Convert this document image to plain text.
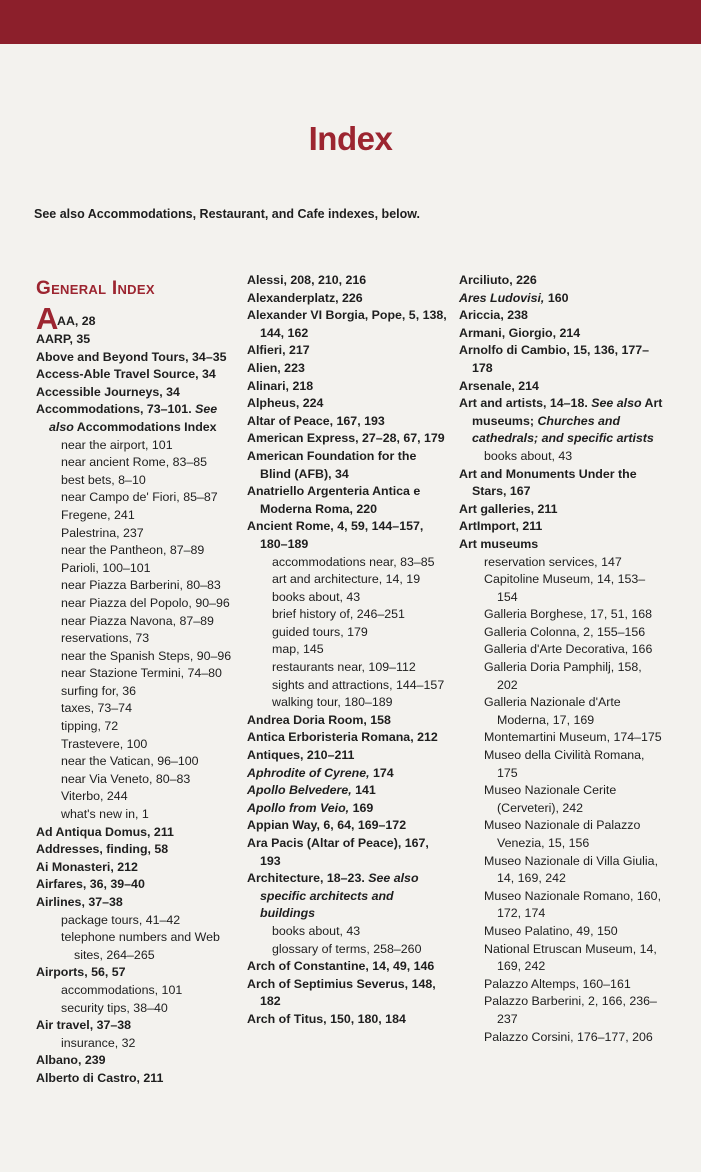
Index
See also Accommodations, Restaurant, and Cafe indexes, below.
General Index
A
AA, 28
AARP, 35
Above and Beyond Tours, 34–35
Access-Able Travel Source, 34
Accessible Journeys, 34
Accommodations, 73–101. See also Accommodations Index
near the airport, 101
near ancient Rome, 83–85
best bets, 8–10
near Campo de' Fiori, 85–87
Fregene, 241
Palestrina, 237
near the Pantheon, 87–89
Parioli, 100–101
near Piazza Barberini, 80–83
near Piazza del Popolo, 90–96
near Piazza Navona, 87–89
reservations, 73
near the Spanish Steps, 90–96
near Stazione Termini, 74–80
surfing for, 36
taxes, 73–74
tipping, 72
Trastevere, 100
near the Vatican, 96–100
near Via Veneto, 80–83
Viterbo, 244
what's new in, 1
Ad Antiqua Domus, 211
Addresses, finding, 58
Ai Monasteri, 212
Airfares, 36, 39–40
Airlines, 37–38
package tours, 41–42
telephone numbers and Web sites, 264–265
Airports, 56, 57
accommodations, 101
security tips, 38–40
Air travel, 37–38
insurance, 32
Albano, 239
Alberto di Castro, 211
Alessi, 208, 210, 216
Alexanderplatz, 226
Alexander VI Borgia, Pope, 5, 138, 144, 162
Alfieri, 217
Alien, 223
Alinari, 218
Alpheus, 224
Altar of Peace, 167, 193
American Express, 27–28, 67, 179
American Foundation for the Blind (AFB), 34
Anatriello Argenteria Antica e Moderna Roma, 220
Ancient Rome, 4, 59, 144–157, 180–189
accommodations near, 83–85
art and architecture, 14, 19
books about, 43
brief history of, 246–251
guided tours, 179
map, 145
restaurants near, 109–112
sights and attractions, 144–157
walking tour, 180–189
Andrea Doria Room, 158
Antica Erboristeria Romana, 212
Antiques, 210–211
Aphrodite of Cyrene, 174
Apollo Belvedere, 141
Apollo from Veio, 169
Appian Way, 6, 64, 169–172
Ara Pacis (Altar of Peace), 167, 193
Architecture, 18–23. See also specific architects and buildings
books about, 43
glossary of terms, 258–260
Arch of Constantine, 14, 49, 146
Arch of Septimius Severus, 148, 182
Arch of Titus, 150, 180, 184
Arciliuto, 226
Ares Ludovisi, 160
Ariccia, 238
Armani, Giorgio, 214
Arnolfo di Cambio, 15, 136, 177–178
Arsenale, 214
Art and artists, 14–18. See also Art museums; Churches and cathedrals; and specific artists
books about, 43
Art and Monuments Under the Stars, 167
Art galleries, 211
ArtImport, 211
Art museums
reservation services, 147
Capitoline Museum, 14, 153–154
Galleria Borghese, 17, 51, 168
Galleria Colonna, 2, 155–156
Galleria d'Arte Decorativa, 166
Galleria Doria Pamphilj, 158, 202
Galleria Nazionale d'Arte Moderna, 17, 169
Montemartini Museum, 174–175
Museo della Civilità Romana, 175
Museo Nazionale Cerite (Cerveteri), 242
Museo Nazionale di Palazzo Venezia, 15, 156
Museo Nazionale di Villa Giulia, 14, 169, 242
Museo Nazionale Romano, 160, 172, 174
Museo Palatino, 49, 150
National Etruscan Museum, 14, 169, 242
Palazzo Altemps, 160–161
Palazzo Barberini, 2, 166, 236–237
Palazzo Corsini, 176–177, 206
